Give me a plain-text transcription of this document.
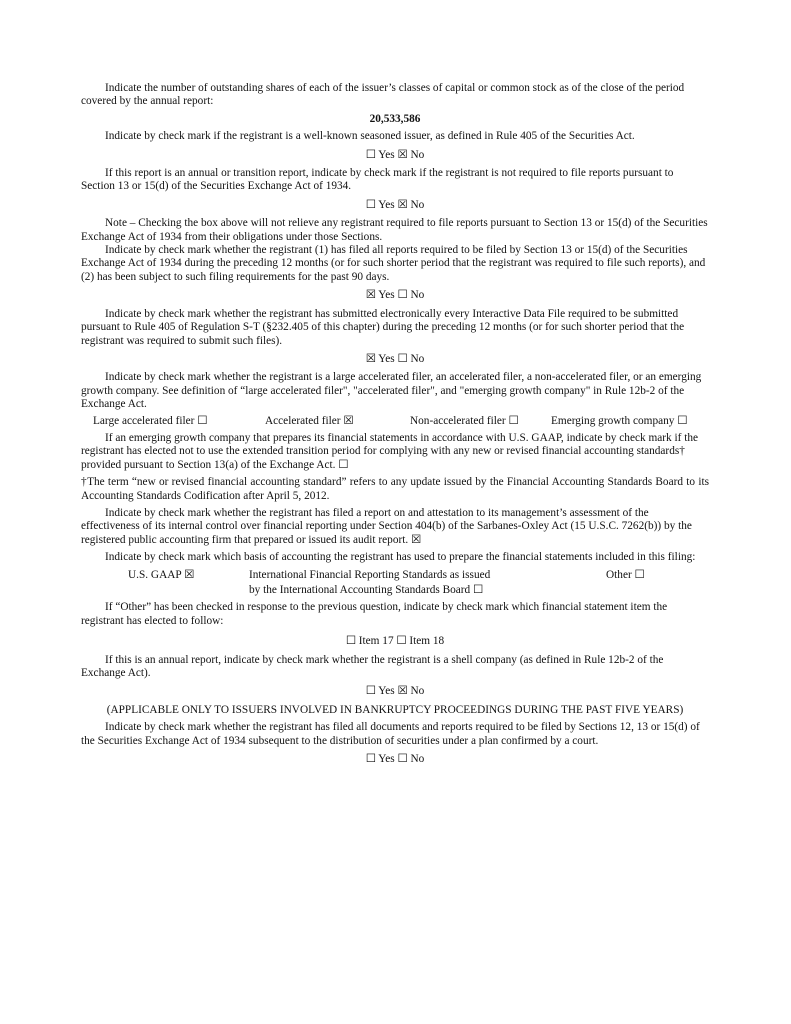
Indicate the number of outstanding shares of each of the issuer’s classes of capital or common stock as of the close of the period covered by the annual report:

20,533,586

Indicate by check mark if the registrant is a well-known seasoned issuer, as defined in Rule 405 of the Securities Act.

☐ Yes ☒ No

If this report is an annual or transition report, indicate by check mark if the registrant is not required to file reports pursuant to Section 13 or 15(d) of the Securities Exchange Act of 1934.

☐ Yes ☒ No

Note – Checking the box above will not relieve any registrant required to file reports pursuant to Section 13 or 15(d) of the Securities Exchange Act of 1934 from their obligations under those Sections.

Indicate by check mark whether the registrant (1) has filed all reports required to be filed by Section 13 or 15(d) of the Securities Exchange Act of 1934 during the preceding 12 months (or for such shorter period that the registrant was required to file such reports), and (2) has been subject to such filing requirements for the past 90 days.

☒ Yes ☐ No

Indicate by check mark whether the registrant has submitted electronically every Interactive Data File required to be submitted pursuant to Rule 405 of Regulation S-T (§232.405 of this chapter) during the preceding 12 months (or for such shorter period that the registrant was required to submit such files).

☒ Yes ☐ No

Indicate by check mark whether the registrant is a large accelerated filer, an accelerated filer, a non-accelerated filer, or an emerging growth company. See definition of “large accelerated filer", "accelerated filer", and "emerging growth company" in Rule 12b-2 of the Exchange Act.

Large accelerated filer ☐	Accelerated filer ☒	Non-accelerated filer ☐	Emerging growth company ☐

If an emerging growth company that prepares its financial statements in accordance with U.S. GAAP, indicate by check mark if the registrant has elected not to use the extended transition period for complying with any new or revised financial accounting standards† provided pursuant to Section 13(a) of the Exchange Act. ☐

†The term “new or revised financial accounting standard” refers to any update issued by the Financial Accounting Standards Board to its Accounting Standards Codification after April 5, 2012.

Indicate by check mark whether the registrant has filed a report on and attestation to its management’s assessment of the effectiveness of its internal control over financial reporting under Section 404(b) of the Sarbanes-Oxley Act (15 U.S.C. 7262(b)) by the registered public accounting firm that prepared or issued its audit report. ☒

Indicate by check mark which basis of accounting the registrant has used to prepare the financial statements included in this filing:

U.S. GAAP ☒	International Financial Reporting Standards as issued
by the International Accounting Standards Board ☐
Other ☐

If “Other” has been checked in response to the previous question, indicate by check mark which financial statement item the registrant has elected to follow:

☐ Item 17 ☐ Item 18

If this is an annual report, indicate by check mark whether the registrant is a shell company (as defined in Rule 12b-2 of the Exchange Act).

☐ Yes ☒ No

(APPLICABLE ONLY TO ISSUERS INVOLVED IN BANKRUPTCY PROCEEDINGS DURING THE PAST FIVE YEARS)

Indicate by check mark whether the registrant has filed all documents and reports required to be filed by Sections 12, 13 or 15(d) of the Securities Exchange Act of 1934 subsequent to the distribution of securities under a plan confirmed by a court.

☐ Yes ☐ No
